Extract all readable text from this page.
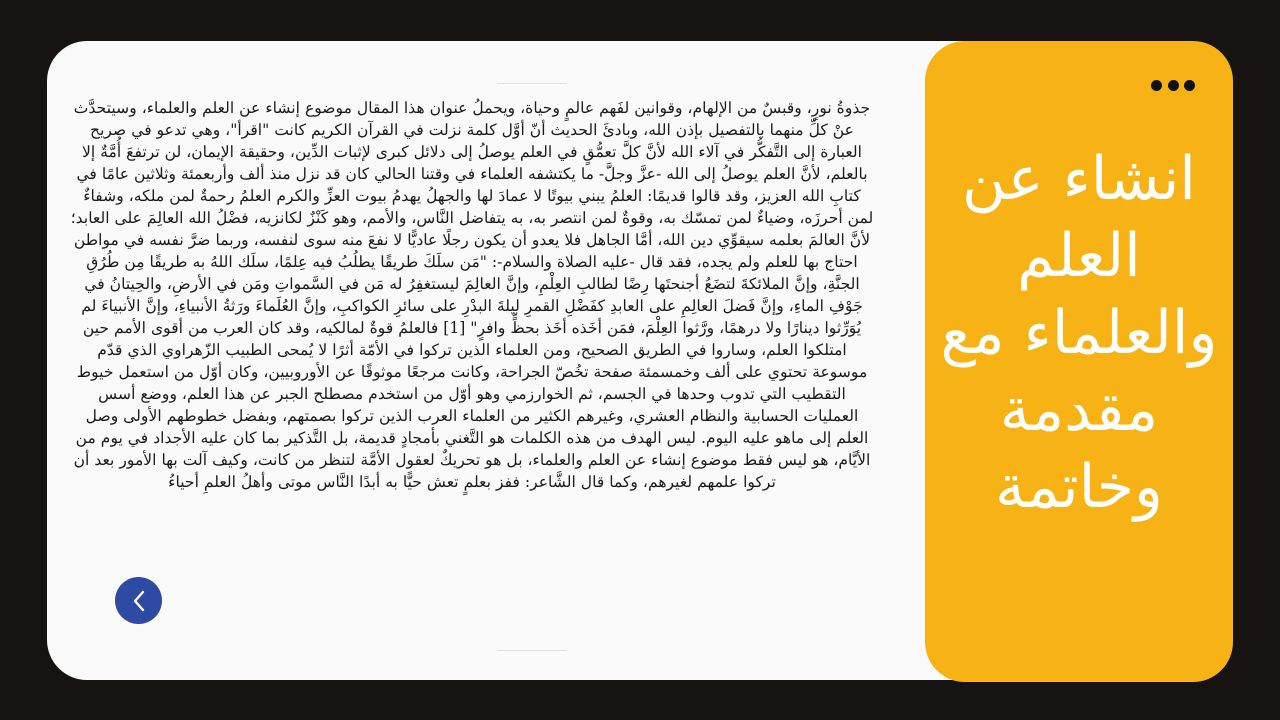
جذوةُ نورٍ، وقبسٌ من الإلهام، وقوانين لفَهم عالمٍ وحياة، ويحملُ عنوان هذا المقال موضوع إنشاء عن العلم والعلماء، وسيتحدَّث عنْ كلِّ منهما بالتفصيل بإذن الله، وبادئَ الحديث أنّ أوَّل كلمة نزلت في القرآن الكريم كانت "اقرأ"، وهي تدعو في صريح العبارة إلى التَّفكُّر في آلاء الله لأنَّ كلَّ تعمُّقٍ في العلم يوصلُ إلى دلائل كبرى لإثبات الدِّين، وحقيقة الإيمان، لن ترتفعَ أُمَّةٌ إلا بالعلم، لأنَّ العلم يوصلُ إلى الله -عزَّ وجلَّ- ما يكتشفه العلماء في وقتنا الحالي كان قد نزل منذ ألف وأربعمئة وثلاثين عامًا في كتابِ الله العزيز، وقد قالوا قديمًا: العلمُ يبني بيوتًا لا عمادَ لها والجهلُ يهدمُ بيوت العزِّ والكرم العلمُ رحمةٌ لمن ملكه، وشفاءٌ لمن أحرزَه، وضياءٌ لمن تمسّك به، وقوةٌ لمن انتصر به، به يتفاضل النَّاس، والأمم، وهو كَنْزٌ لكانزيه، فضْلُ الله العالِمَ على العابد؛ لأنَّ العالمَ بعلمه سيقوِّي دين الله، أمَّا الجاهل فلا يعدو أن يكون رجلًا عاديًّا لا نفعَ منه سوى لنفسه، وربما ضرَّ نفسه في مواطن احتاج بها للعلم ولم يجده، فقد قال -عليه الصلاة والسلام-: "مَن سلَكَ طريقًا يطلُبُ فيه عِلمًا، سلَك اللهُ به طريقًا مِن طُرُقِ الجنَّةِ، وإنَّ الملائكةَ لتضَعُ أجنحتَها رِضًا لطالبِ العِلْمِ، وإنَّ العالِمَ ليستغفِرُ له مَن في السَّمواتِ ومَن في الأرضِ، والحِيتانُ في جَوْفِ الماءِ، وإنَّ فَضلَ العالِمِ على العابدِ كفَضْلِ القمرِ ليلةَ البدْرِ على سائرِ الكواكبِ، وإنَّ العُلَماءَ ورَثةُ الأنبياءِ، وإنَّ الأنبياءَ لم يُوَرِّثوا دينارًا ولا درهمًا، ورَّثوا العِلْمَ، فمَن أخَذه أخَذ بحظٍّ وافرٍ" [1] فالعلمُ قوةٌ لمالكيه، وقد كان العرب من أقوى الأمم حين امتلكوا العلم، وساروا في الطريق الصحيح، ومن العلماء الذين تركوا في الأمّة أثرًا لا يُمحى الطبيب الزّهراوي الذي قدّم موسوعة تحتوي على ألف وخمسمئة صفحة تخُصّ الجراحة، وكانت مرجعًا موثوقًا عن الأوروبيين، وكان أوّل من استعمل خيوط التقطيب التي تدوب وحدها في الجسم، ثم الخوارزمي وهو أوّل من استخدم مصطلح الجبر عن هذا العلم، ووضع أسس العمليات الحسابية والنظام العشري، وغيرهم الكثير من العلماء العرب الذين تركوا بصمتهم، وبفضل خطوطهم الأولى وصل العلم إلى ماهو عليه اليوم. ليس الهدف من هذه الكلمات هو التَّغني بأمجادٍ قديمة، بل التَّذكير بما كان عليه الأجداد في يوم من الأيَّام، هو ليس فقط موضوع إنشاء عن العلم والعلماء، بل هو تحريكٌ لعقول الأمَّة لتنظر من كانت، وكيف آلت بها الأمور بعد أن تركوا علمهم لغيرهم، وكما قال الشَّاعر: ففز بعلمٍ تعش حيًّا به أبدًا النَّاس موتى وأهلُ العلمِ أحياءُ

انشاء عن العلم والعلماء مع مقدمة وخاتمة
